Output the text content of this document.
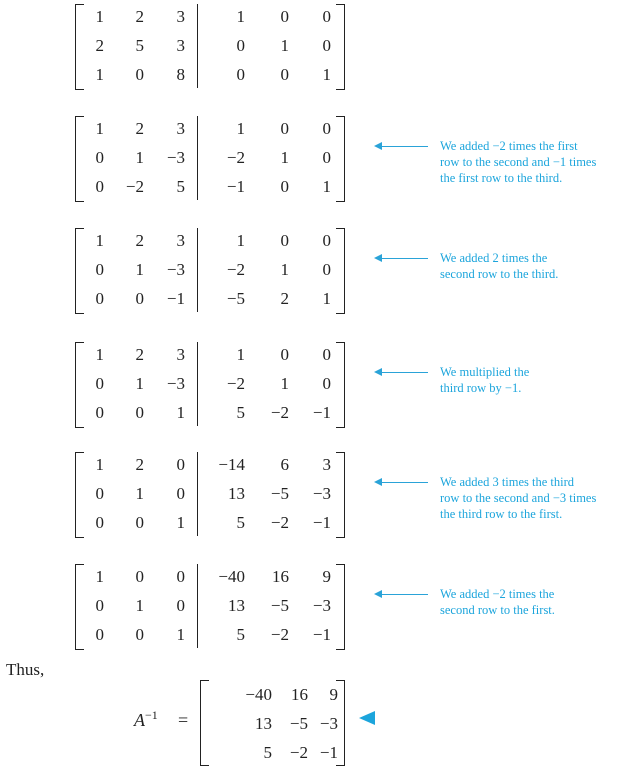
1	2	3	1	0	0
2	5	3	0	1	0
1	0	8	0	0	1
1	2	3	1	0	0
0	1	−3	−2	1	0
0	−2	5	−1	0	1
We added −2 times the first
row to the second and −1 times
the first row to the third.
1	2	3	1	0	0
0	1	−3	−2	1	0
0	0	−1	−5	2	1
We added 2 times the
second row to the third.
1	2	3	1	0	0
0	1	−3	−2	1	0
0	0	1	5	−2	−1
We multiplied the
third row by −1.
1	2	0	−14	6	3
0	1	0	13	−5	−3
0	0	1	5	−2	−1
We added 3 times the third
row to the second and −3 times
the third row to the first.
1	0	0	−40	16	9
0	1	0	13	−5	−3
0	0	1	5	−2	−1
We added −2 times the
second row to the first.
Thus,
$A^{-1}$ =
−40	16	9
13	−5 −3
5	−2 −1
